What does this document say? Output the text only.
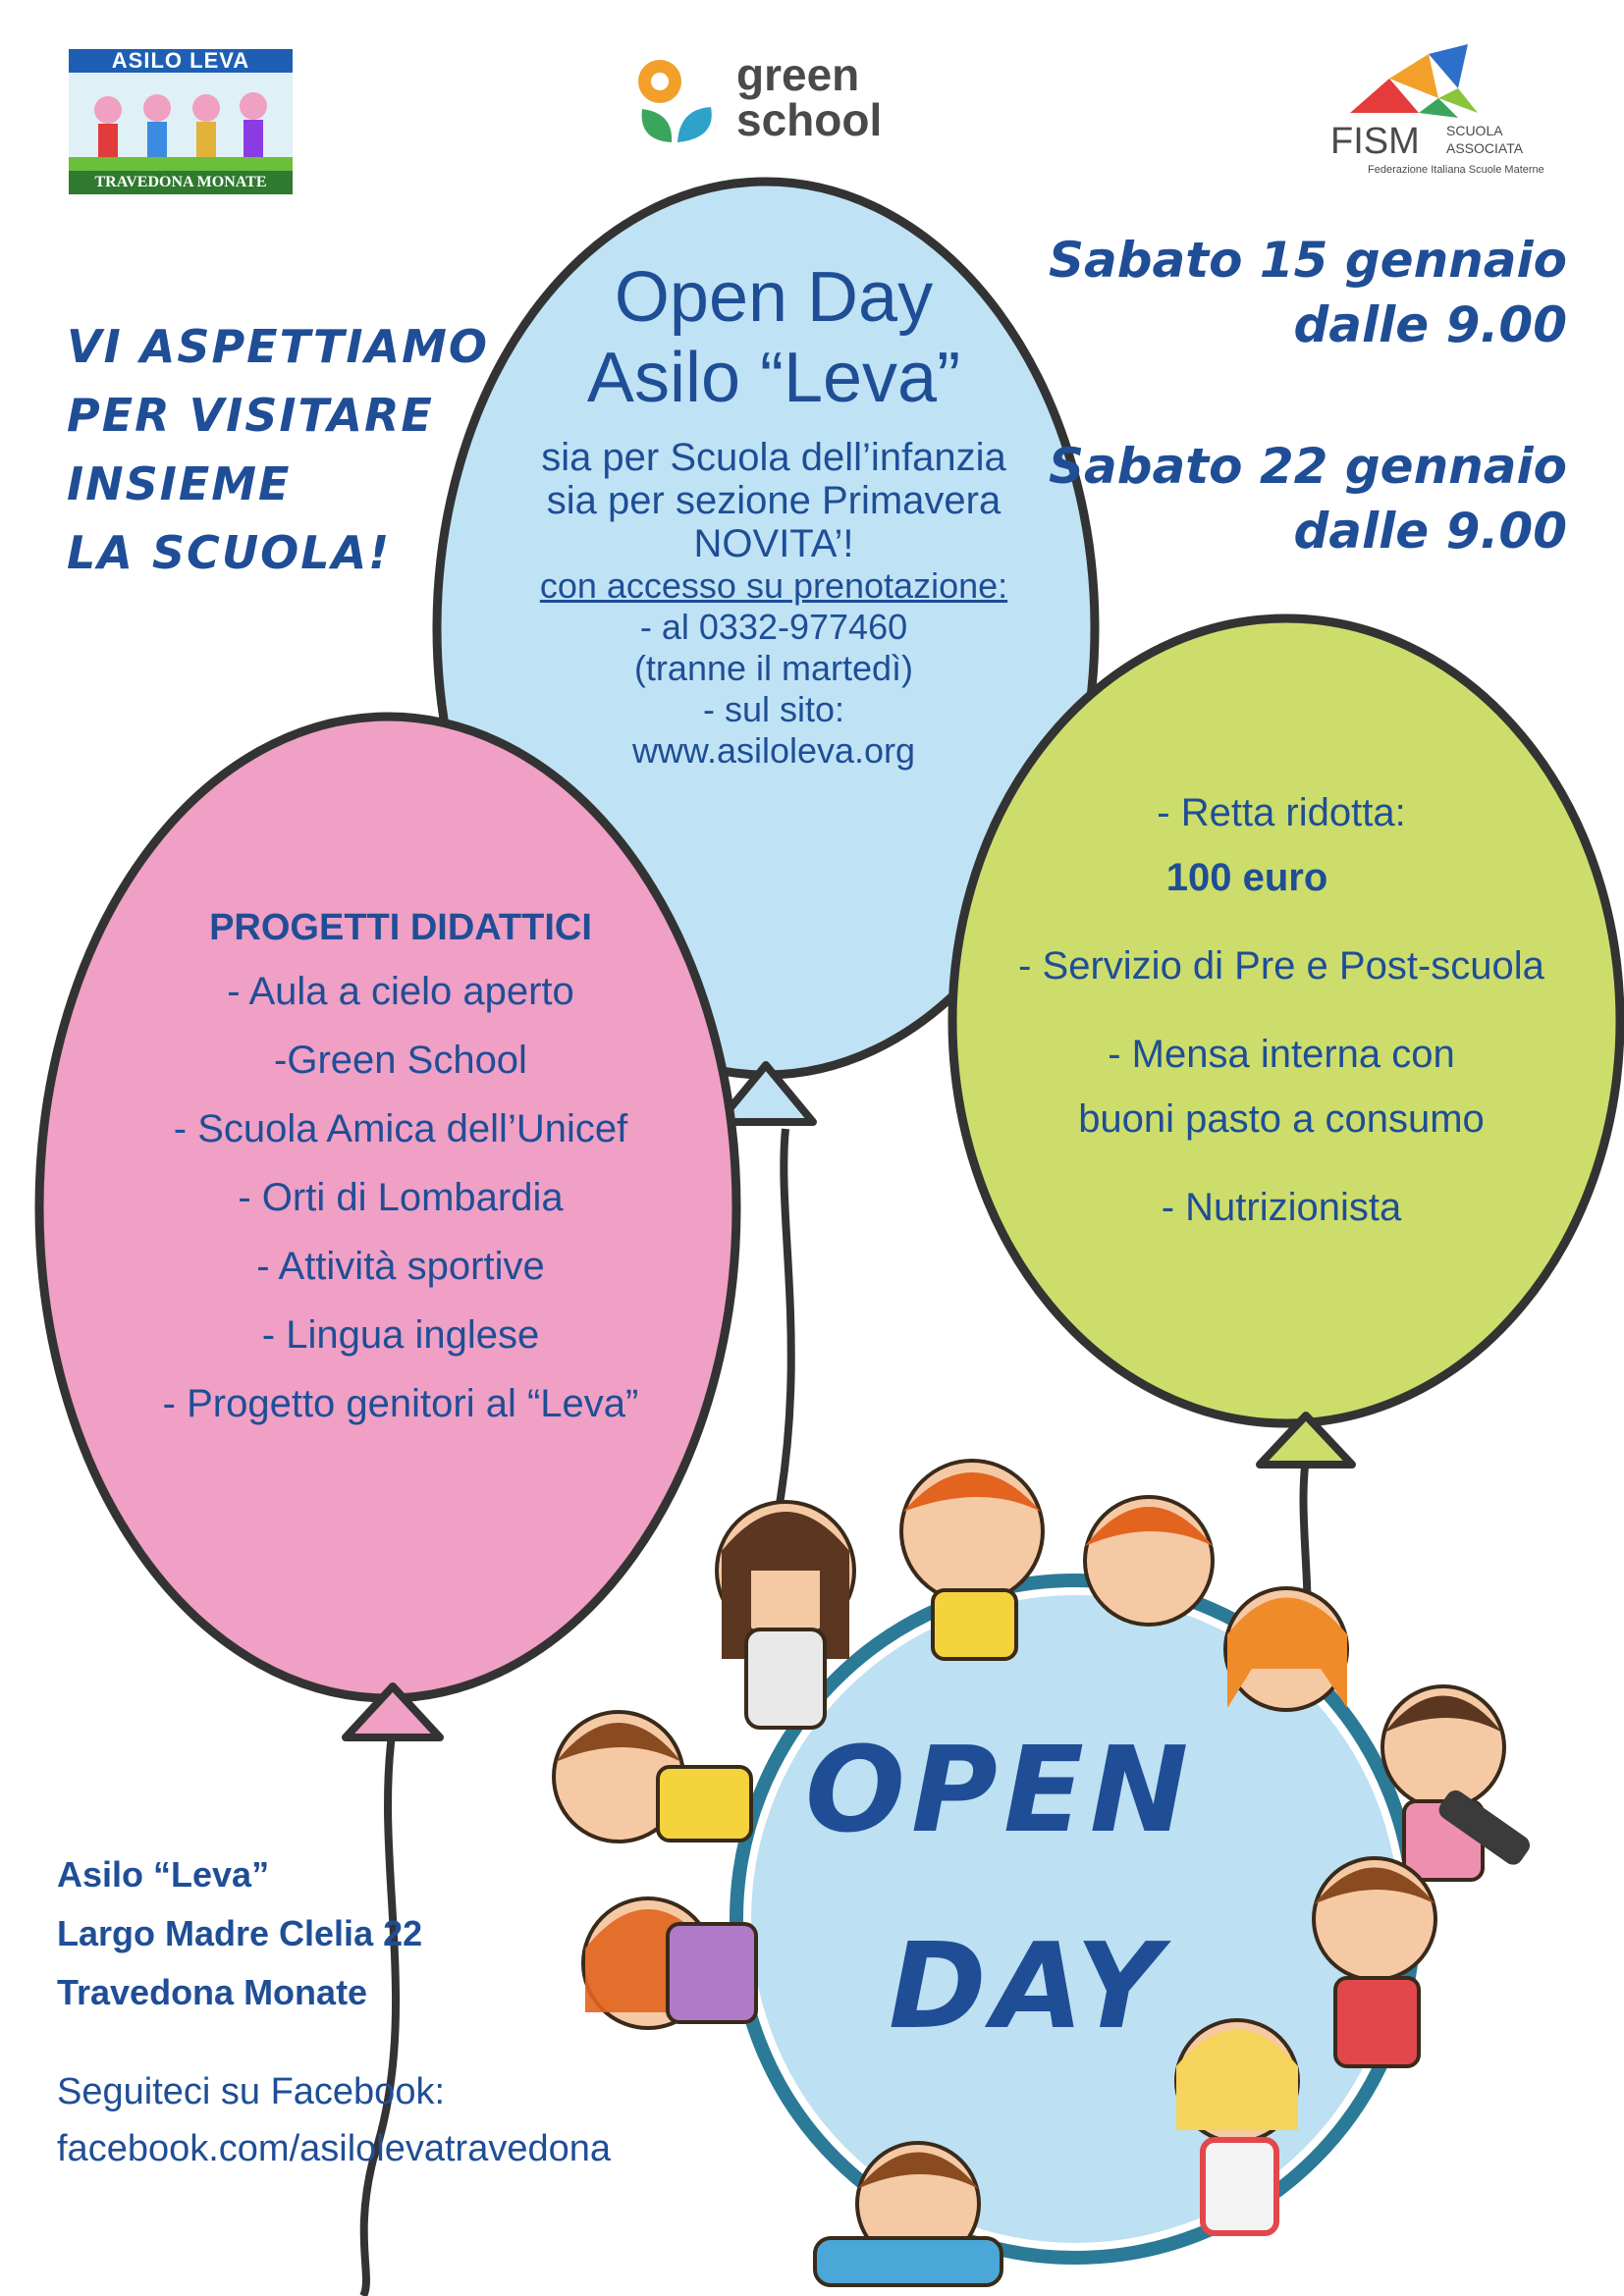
ASILO LEVA
TRAVEDONA MONATE
green
school	FISM SCUOLA
ASSOCIATA
Federazione Italiana Scuole Materne
VI ASPETTIAMO
PER VISITARE
INSIEME
LA SCUOLA!
Sabato 15 gennaio
dalle 9.00
Sabato 22 gennaio
dalle 9.00
Open Day
Asilo “Leva”
sia per Scuola dell’infanzia
sia per sezione Primavera
NOVITA’!
con accesso su prenotazione:
- al 0332-977460
(tranne il martedì)
- sul sito:
www.asiloleva.org
PROGETTI DIDATTICI
- Aula a cielo aperto
-Green School
- Scuola Amica dell’Unicef
- Orti di Lombardia
- Attività sportive
- Lingua inglese
- Progetto genitori al “Leva”
- Retta ridotta:
100 euro
- Servizio di Pre e Post-scuola
- Mensa interna con
buoni pasto a consumo
- Nutrizionista
OPEN
DAY
Asilo “Leva”
Largo Madre Clelia 22
Travedona Monate
Seguiteci su Facebook:
facebook.com/asilolevatravedona
